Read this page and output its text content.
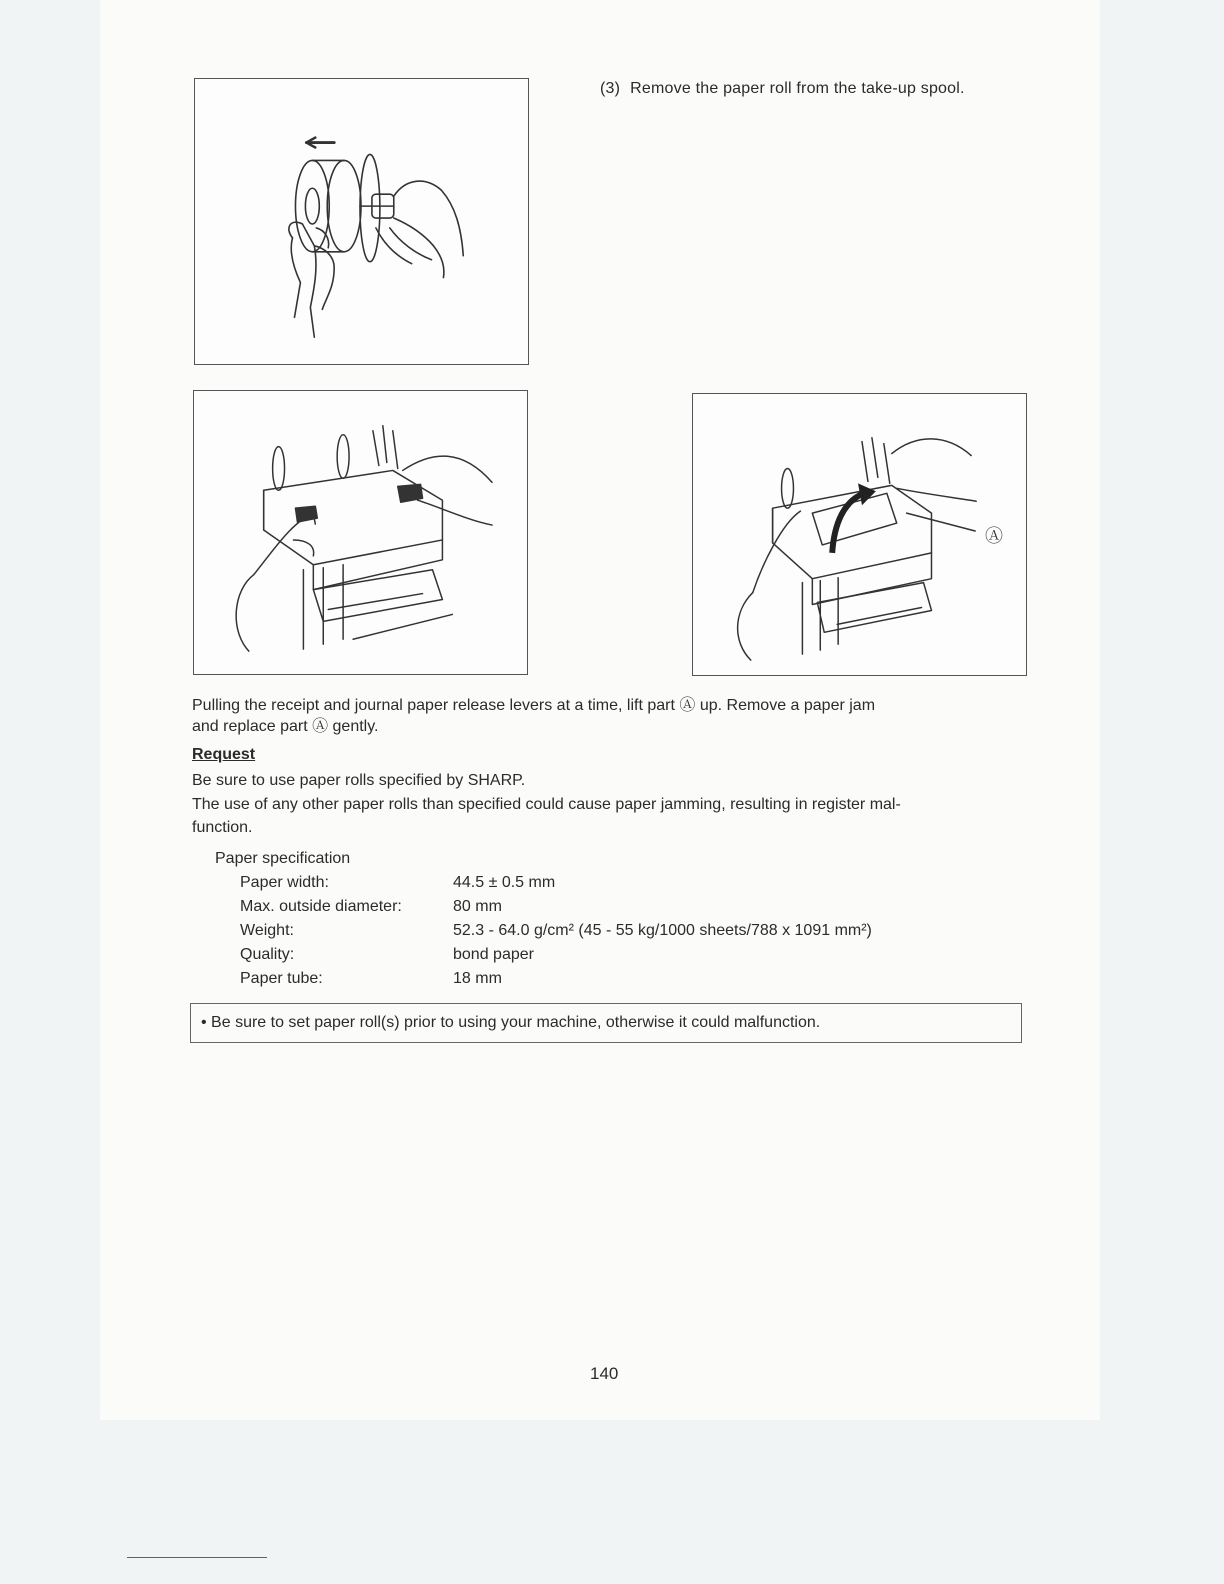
Ⓐ
(3) Remove the paper roll from the take-up spool.
Pulling the receipt and journal paper release levers at a time, lift part Ⓐ up. Remove a paper jam
and replace part Ⓐ gently.
Request
Be sure to use paper rolls specified by SHARP.
The use of any other paper rolls than specified could cause paper jamming, resulting in register mal-
function.
Paper specification
Paper width:	44.5 ± 0.5 mm
Max. outside diameter:	80 mm
Weight:	52.3 - 64.0 g/cm² (45 - 55 kg/1000 sheets/788 x 1091 mm²)
Quality:	bond paper
Paper tube:	18 mm
• Be sure to set paper roll(s) prior to using your machine, otherwise it could malfunction.
140
